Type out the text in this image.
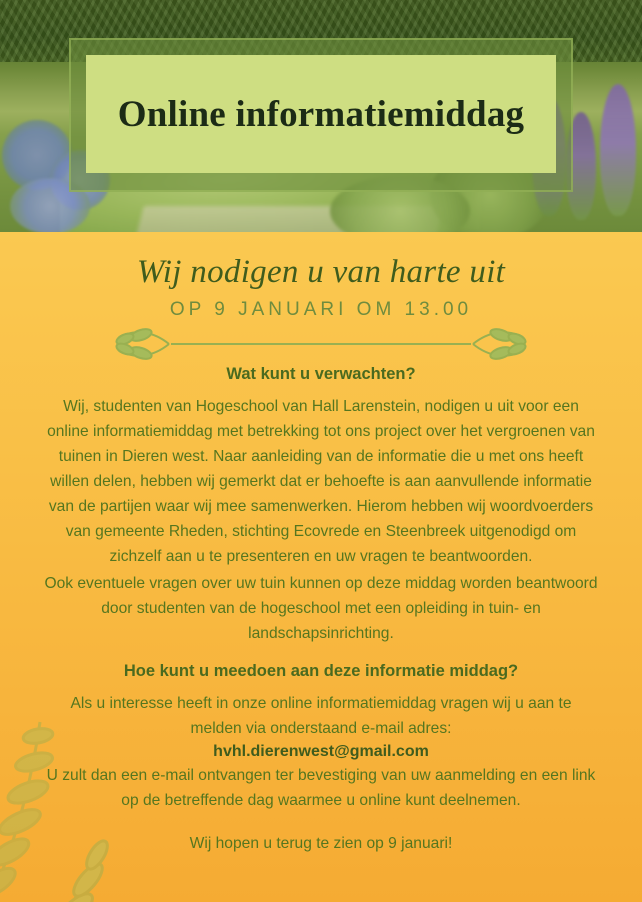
Online informatiemiddag
Wij nodigen u van harte uit
OP 9 JANUARI OM 13.00
Wat kunt u verwachten?

Wij, studenten van Hogeschool van Hall Larenstein, nodigen u uit voor een online informatiemiddag met betrekking tot ons project over het vergroenen van tuinen in Dieren west. Naar aanleiding van de informatie die u met ons heeft willen delen, hebben wij gemerkt dat er behoefte is aan aanvullende informatie van de partijen waar wij mee samenwerken. Hierom hebben wij woordvoerders van gemeente Rheden, stichting Ecovrede en Steenbreek uitgenodigd om zichzelf aan u te presenteren en uw vragen te beantwoorden.

Ook eventuele vragen over uw tuin kunnen op deze middag worden beantwoord door studenten van de hogeschool met een opleiding in tuin- en landschapsinrichting.

Hoe kunt u meedoen aan deze informatie middag?

Als u interesse heeft in onze online informatiemiddag vragen wij u aan te melden via onderstaand e-mail adres:

hvhl.dierenwest@gmail.com

U zult dan een e-mail ontvangen ter bevestiging van uw aanmelding en een link op de betreffende dag waarmee u online kunt deelnemen.

Wij hopen u terug te zien op 9 januari!
